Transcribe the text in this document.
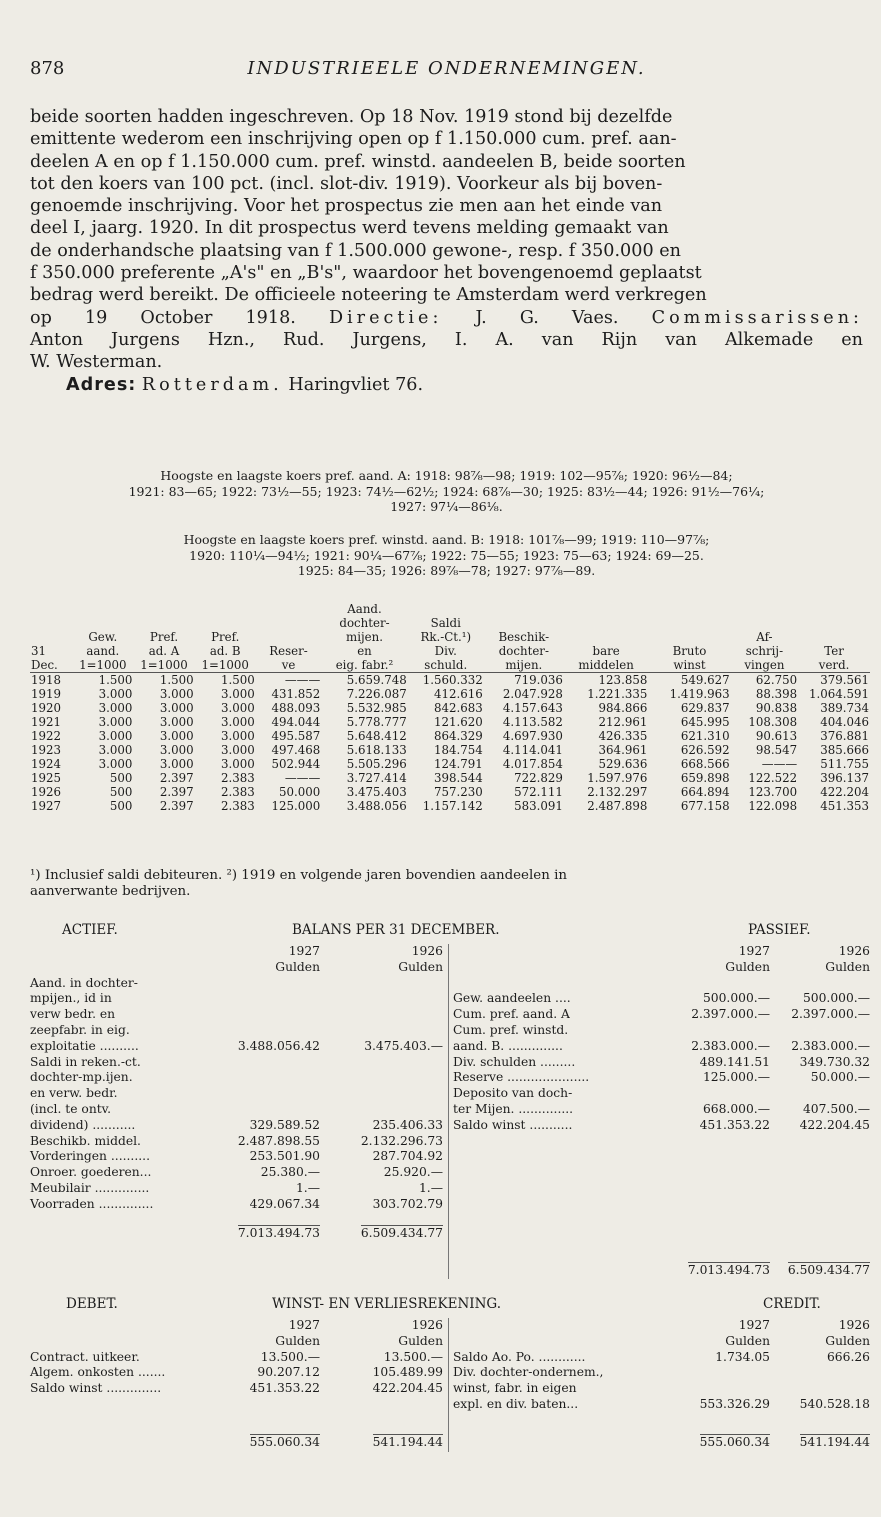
878	INDUSTRIEELE ONDERNEMINGEN.

beide soorten hadden ingeschreven. Op 18 Nov. 1919 stond bij dezelfde

emittente wederom een inschrijving open op f 1.150.000 cum. pref. aan-

deelen A en op f 1.150.000 cum. pref. winstd. aandeelen B, beide soorten

tot den koers van 100 pct. (incl. slot-div. 1919). Voorkeur als bij boven-

genoemde inschrijving. Voor het prospectus zie men aan het einde van

deel I, jaarg. 1920. In dit prospectus werd tevens melding gemaakt van

de onderhandsche plaatsing van f 1.500.000 gewone-, resp. f 350.000 en

f 350.000 preferente „A's" en „B's", waardoor het bovengenoemd geplaatst

bedrag werd bereikt. De officieele noteering te Amsterdam werd verkregen

op 19 October 1918. Directie: J. G. Vaes. Commissarissen:

Anton Jurgens Hzn., Rud. Jurgens, I. A. van Rijn van Alkemade en

W. Westerman.

Adres: Rotterdam. Haringvliet 76.

Hoogste en laagste koers pref. aand. A: 1918: 98⅞—98; 1919: 102—95⅞; 1920: 96½—84;

1921: 83—65; 1922: 73½—55; 1923: 74½—62½; 1924: 68⅞—30; 1925: 83½—44; 1926: 91½—76¼;

1927: 97¼—86⅛.

Hoogste en laagste koers pref. winstd. aand. B: 1918: 101⅞—99; 1919: 110—97⅞;

1920: 110¼—94½; 1921: 90¼—67⅞; 1922: 75—55; 1923: 75—63; 1924: 69—25.

1925: 84—35; 1926: 89⅞—78; 1927: 97⅞—89.

					Aand.						
					dochter-	Saldi					
	Gew.	Pref.	Pref.		mijen.	Rk.-Ct.¹)	Beschik-			Af-	
31	aand.	ad. A	ad. B	Reser-	en	Div.	dochter-	bare	Bruto	schrij-	Ter
Dec.	1=1000	1=1000	1=1000	ve	eig. fabr.²	schuld.	mijen.	middelen	winst	vingen	verd.
1918	1.500	1.500	1.500	———	5.659.748	1.560.332	719.036	123.858	549.627	62.750	379.561
1919	3.000	3.000	3.000	431.852	7.226.087	412.616	2.047.928	1.221.335	1.419.963	88.398	1.064.591
1920	3.000	3.000	3.000	488.093	5.532.985	842.683	4.157.643	984.866	629.837	90.838	389.734
1921	3.000	3.000	3.000	494.044	5.778.777	121.620	4.113.582	212.961	645.995	108.308	404.046
1922	3.000	3.000	3.000	495.587	5.648.412	864.329	4.697.930	426.335	621.310	90.613	376.881
1923	3.000	3.000	3.000	497.468	5.618.133	184.754	4.114.041	364.961	626.592	98.547	385.666
1924	3.000	3.000	3.000	502.944	5.505.296	124.791	4.017.854	529.636	668.566	———	511.755
1925	500	2.397	2.383	———	3.727.414	398.544	722.829	1.597.976	659.898	122.522	396.137
1926	500	2.397	2.383	50.000	3.475.403	757.230	572.111	2.132.297	664.894	123.700	422.204
1927	500	2.397	2.383	125.000	3.488.056	1.157.142	583.091	2.487.898	677.158	122.098	451.353
¹) Inclusief saldi debiteuren. ²) 1919 en volgende jaren bovendien aandeelen in
aanverwante bedrijven.
ACTIEF.	BALANS PER 31 DECEMBER.	PASSIEF.
1927	1926
Gulden	Gulden
Aand. in dochter-
mpijen., id in
verw bedr. en
zeepfabr. in eig.
exploitatie ..........	3.488.056.42	3.475.403.—
Saldi in reken.-ct.
dochter-mp.ijen.
en verw. bedr.
(incl. te ontv.
dividend) ...........	329.589.52	235.406.33
Beschikb. middel.	2.487.898.55	2.132.296.73
Vorderingen ..........	253.501.90	287.704.92
Onroer. goederen...	25.380.—	25.920.—
Meubilair ..............	1.—	1.—
Voorraden ..............	429.067.34	303.702.79
7.013.494.73	6.509.434.77
1927	1926
Gulden	Gulden
Gew. aandeelen ....	500.000.—	500.000.—
Cum. pref. aand. A	2.397.000.— 2.397.000.—
Cum. pref. winstd.
aand. B. ..............	2.383.000.— 2.383.000.—
Div. schulden .........	489.141.51 349.730.32
Reserve .....................	125.000.—	50.000.—
Deposito van doch-
ter Mijen. ..............	668.000.—	407.500.—
Saldo winst ...........	451.353.22 422.204.45
7.013.494.73 6.509.434.77
DEBET.	WINST- EN VERLIESREKENING.	CREDIT.
1927	1926
Gulden	Gulden
Contract. uitkeer.	13.500.—	13.500.—
Algem. onkosten .......	90.207.12	105.489.99
Saldo winst ..............	451.353.22	422.204.45
555.060.34	541.194.44
1927	1926
Gulden	Gulden
Saldo Ao. Po. ............	1.734.05	666.26
Div. dochter-ondernem.,
winst, fabr. in eigen
expl. en div. baten...	553.326.29 540.528.18
555.060.34 541.194.44
